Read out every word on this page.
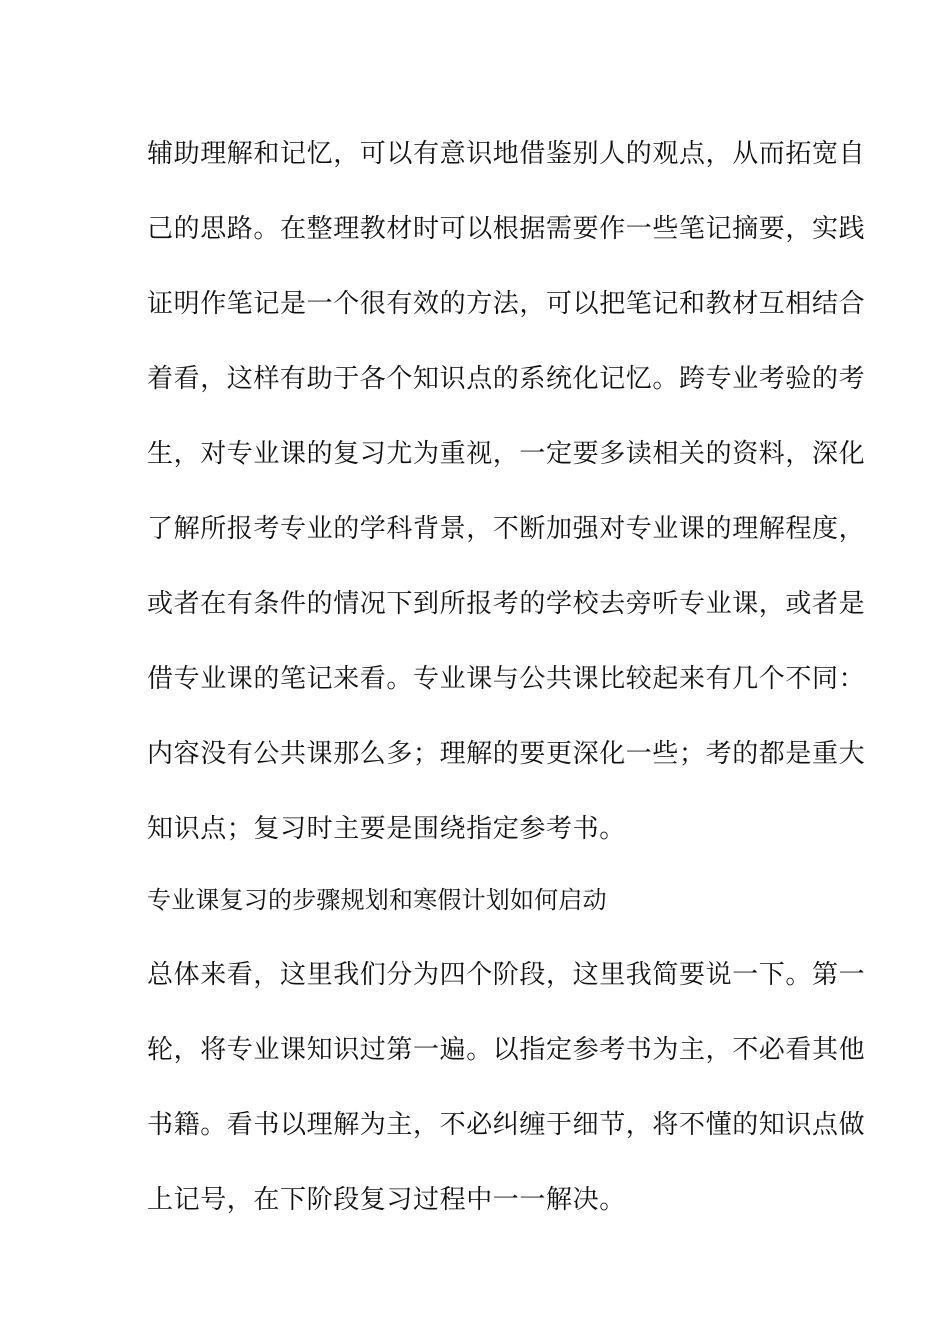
辅助理解和记忆，可以有意识地借鉴别人的观点，从而拓宽自
己的思路。在整理教材时可以根据需要作一些笔记摘要，实践
证明作笔记是一个很有效的方法，可以把笔记和教材互相结合
着看，这样有助于各个知识点的系统化记忆。跨专业考验的考
生，对专业课的复习尤为重视，一定要多读相关的资料，深化
了解所报考专业的学科背景，不断加强对专业课的理解程度，
或者在有条件的情况下到所报考的学校去旁听专业课，或者是
借专业课的笔记来看。专业课与公共课比较起来有几个不同：
内容没有公共课那么多；理解的要更深化一些；考的都是重大
知识点；复习时主要是围绕指定参考书。
专业课复习的步骤规划和寒假计划如何启动
总体来看，这里我们分为四个阶段，这里我简要说一下。第一
轮，将专业课知识过第一遍。以指定参考书为主，不必看其他
书籍。看书以理解为主，不必纠缠于细节，将不懂的知识点做
上记号，在下阶段复习过程中一一解决。
